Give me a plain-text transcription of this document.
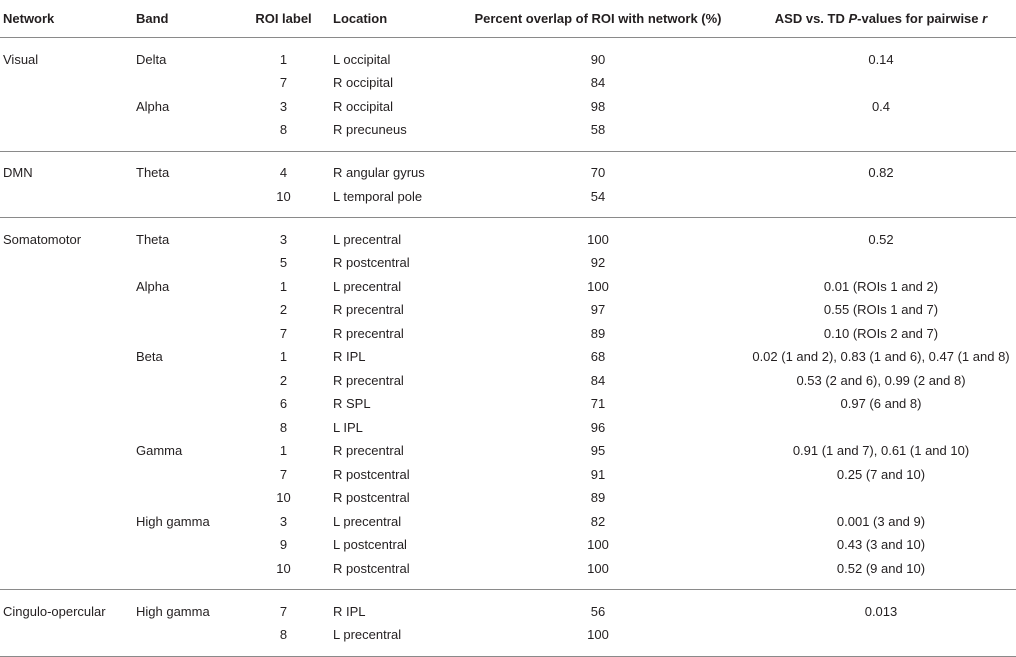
Network	Band	ROI label	Location	Percent overlap of ROI with network (%)	ASD vs. TD P-values for pairwise r
Visual	Delta	1	L occipital	90	0.14
		7	R occipital	84	
	Alpha	3	R occipital	98	0.4
		8	R precuneus	58	
DMN	Theta	4	R angular gyrus	70	0.82
		10	L temporal pole	54	
Somatomotor	Theta	3	L precentral	100	0.52
		5	R postcentral	92	
	Alpha	1	L precentral	100	0.01 (ROIs 1 and 2)
		2	R precentral	97	0.55 (ROIs 1 and 7)
		7	R precentral	89	0.10 (ROIs 2 and 7)
	Beta	1	R IPL	68	0.02 (1 and 2), 0.83 (1 and 6), 0.47 (1 and 8)
		2	R precentral	84	0.53 (2 and 6), 0.99 (2 and 8)
		6	R SPL	71	0.97 (6 and 8)
		8	L IPL	96	
	Gamma	1	R precentral	95	0.91 (1 and 7), 0.61 (1 and 10)
		7	R postcentral	91	0.25 (7 and 10)
		10	R postcentral	89	
	High gamma	3	L precentral	82	0.001 (3 and 9)
		9	L postcentral	100	0.43 (3 and 10)
		10	R postcentral	100	0.52 (9 and 10)
Cingulo-opercular	High gamma	7	R IPL	56	0.013
		8	L precentral	100	
